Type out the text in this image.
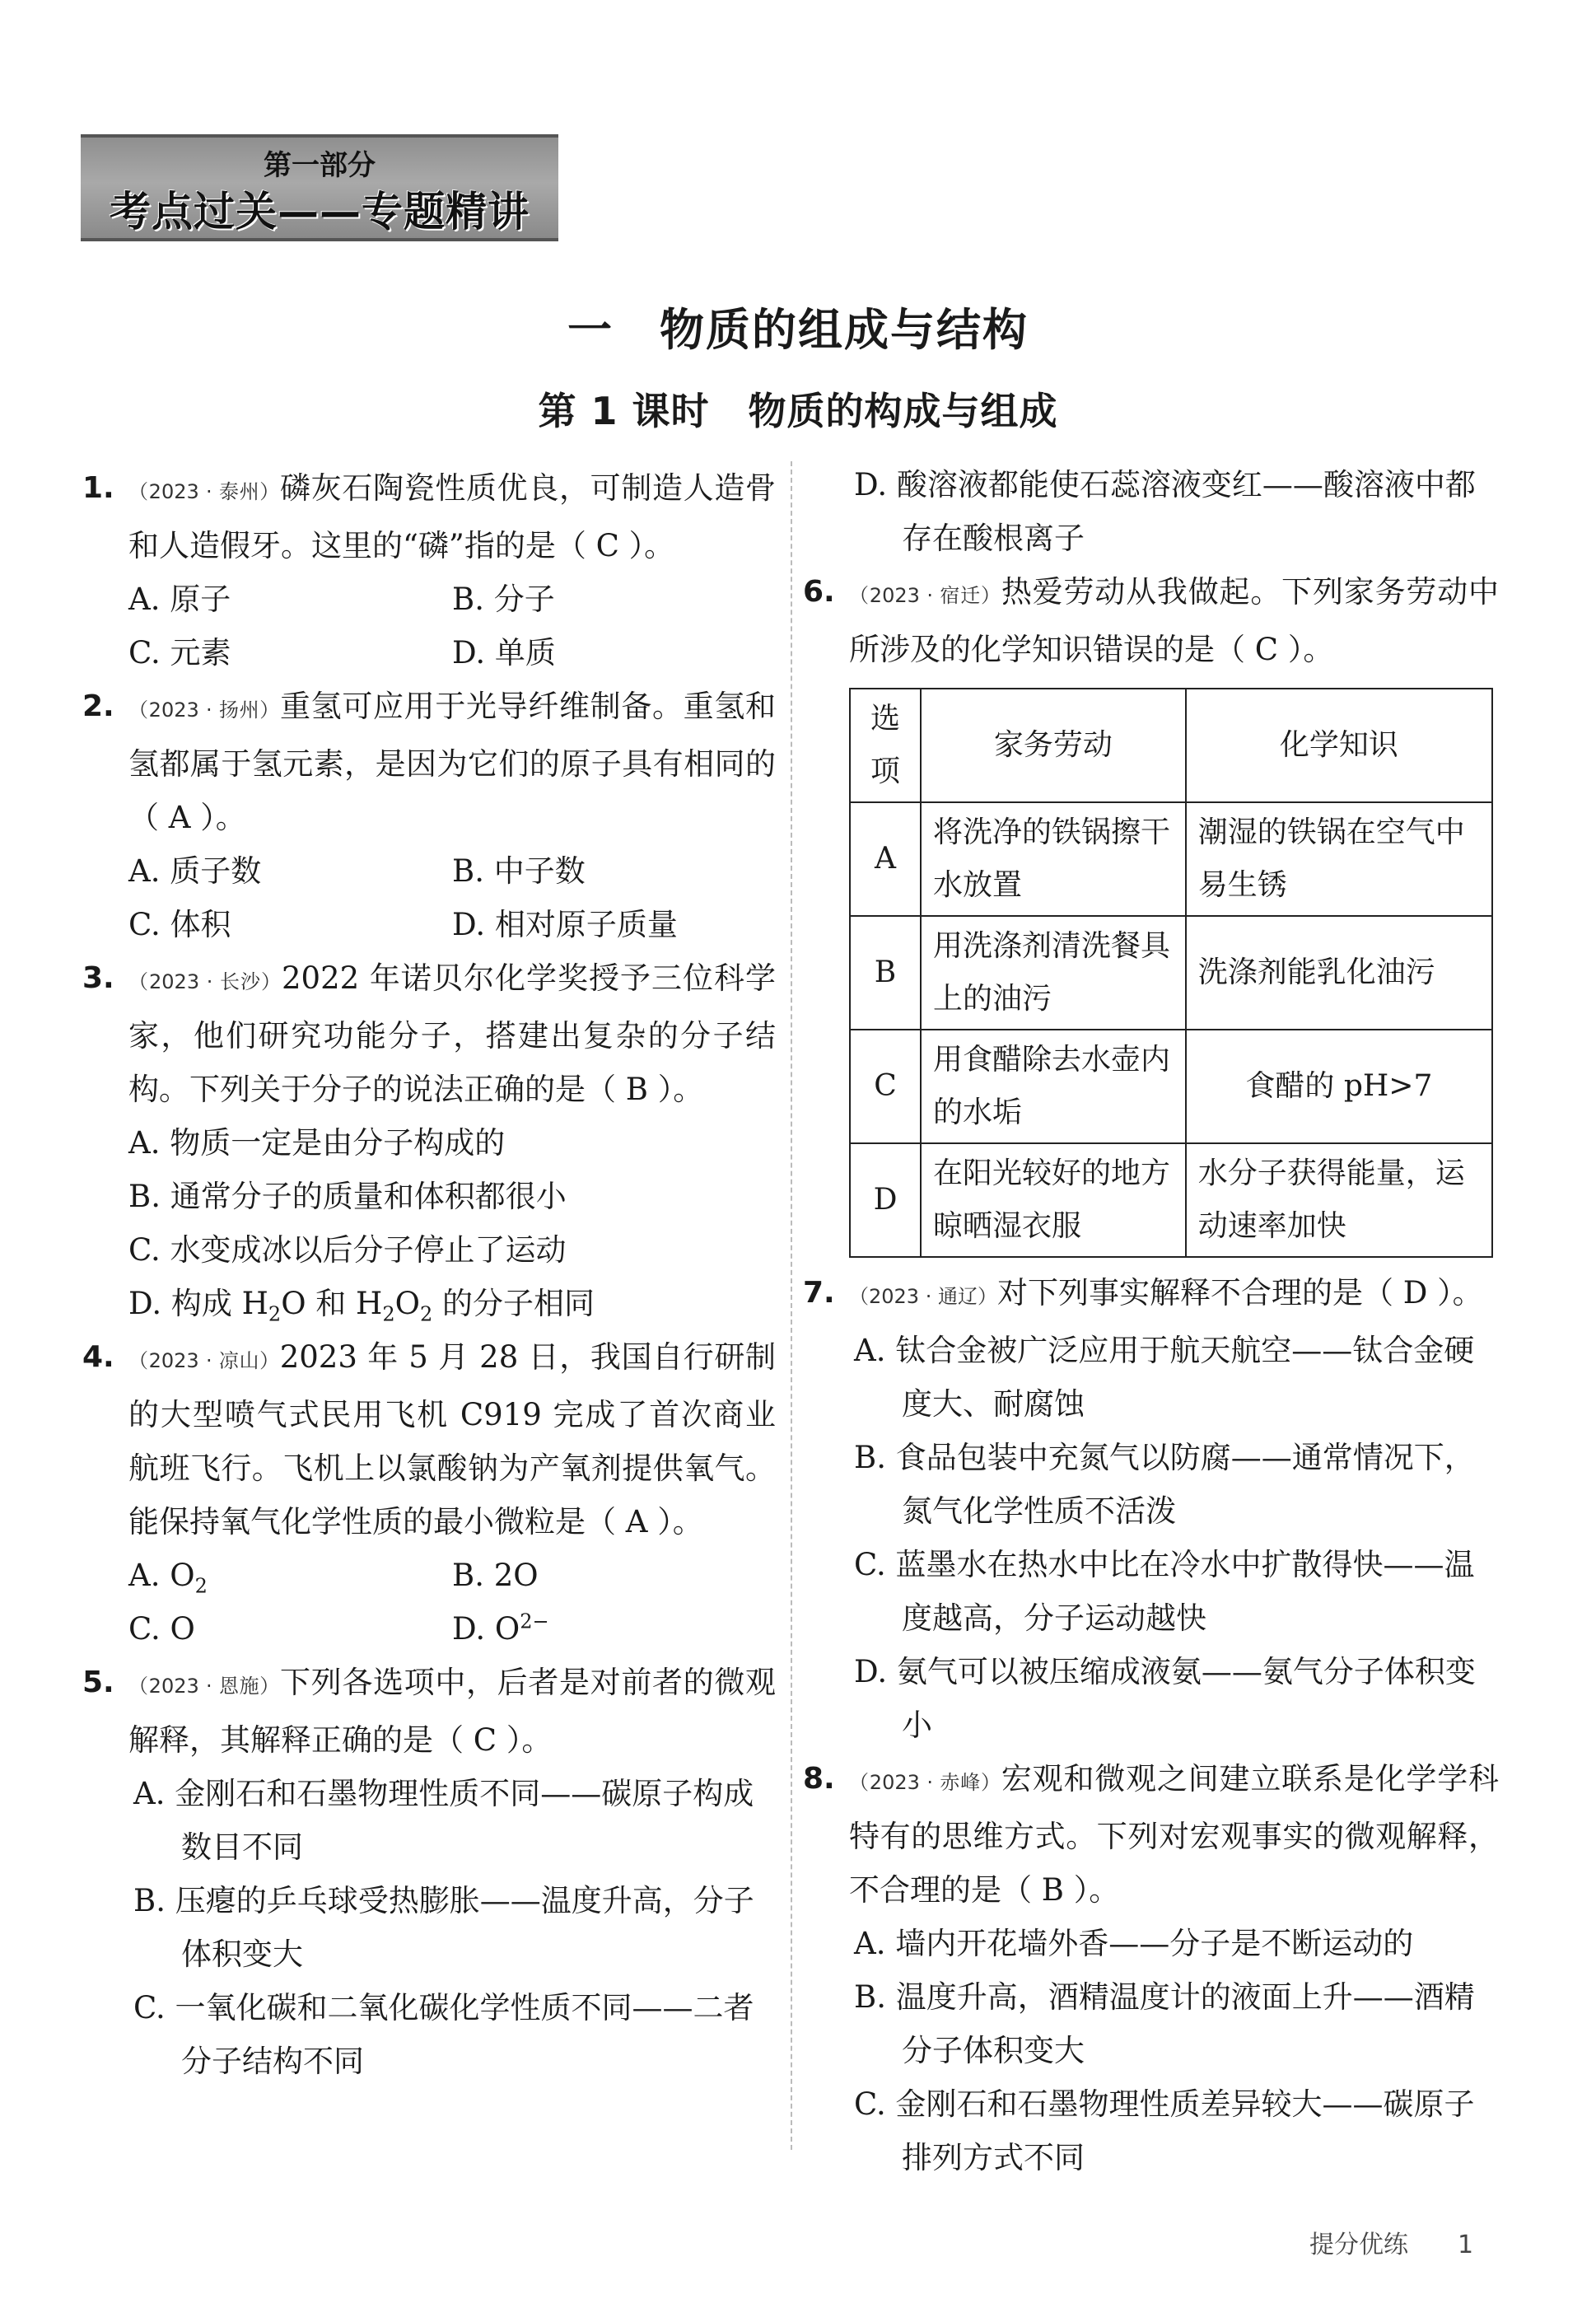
第一部分
考点过关——专题精讲
一　物质的组成与结构
第 1 课时　物质的构成与组成
1. （2023 · 泰州）磷灰石陶瓷性质优良，可制造人造骨和人造假牙。这里的“磷”指的是（ C ）。
A. 原子	B. 分子
C. 元素	D. 单质
2. （2023 · 扬州）重氢可应用于光导纤维制备。重氢和氢都属于氢元素，是因为它们的原子具有相同的（ A ）。
A. 质子数	B. 中子数
C. 体积	D. 相对原子质量
3. （2023 · 长沙）2022 年诺贝尔化学奖授予三位科学家，他们研究功能分子，搭建出复杂的分子结构。下列关于分子的说法正确的是（ B ）。
A. 物质一定是由分子构成的
B. 通常分子的质量和体积都很小
C. 水变成冰以后分子停止了运动
D. 构成 $H_2O$ 和 $H_2O_2$ 的分子相同
4. （2023 · 凉山）2023 年 5 月 28 日，我国自行研制的大型喷气式民用飞机 C919 完成了首次商业航班飞行。飞机上以氯酸钠为产氧剂提供氧气。能保持氧气化学性质的最小微粒是（ A ）。
A. $O_2$	B. 2O
C. O	D. $O^{2-}$
5. （2023 · 恩施）下列各选项中，后者是对前者的微观解释，其解释正确的是（ C ）。
A. 金刚石和石墨物理性质不同——碳原子构成数目不同
B. 压瘪的乒乓球受热膨胀——温度升高，分子体积变大
C. 一氧化碳和二氧化碳化学性质不同——二者分子结构不同
D. 酸溶液都能使石蕊溶液变红——酸溶液中都存在酸根离子
6. （2023 · 宿迁）热爱劳动从我做起。下列家务劳动中所涉及的化学知识错误的是（ C ）。
选项	家务劳动	化学知识
A	将洗净的铁锅擦干水放置	潮湿的铁锅在空气中易生锈
B	用洗涤剂清洗餐具上的油污	洗涤剂能乳化油污
C	用食醋除去水壶内的水垢	食醋的 pH>7
D	在阳光较好的地方晾晒湿衣服	水分子获得能量，运动速率加快
7. （2023 · 通辽）对下列事实解释不合理的是（ D ）。
A. 钛合金被广泛应用于航天航空——钛合金硬度大、耐腐蚀
B. 食品包装中充氮气以防腐——通常情况下，氮气化学性质不活泼
C. 蓝墨水在热水中比在冷水中扩散得快——温度越高，分子运动越快
D. 氨气可以被压缩成液氨——氨气分子体积变小
8. （2023 · 赤峰）宏观和微观之间建立联系是化学学科特有的思维方式。下列对宏观事实的微观解释，不合理的是（ B ）。
A. 墙内开花墙外香——分子是不断运动的
B. 温度升高，酒精温度计的液面上升——酒精分子体积变大
C. 金刚石和石墨物理性质差异较大——碳原子排列方式不同
提分优练 1
